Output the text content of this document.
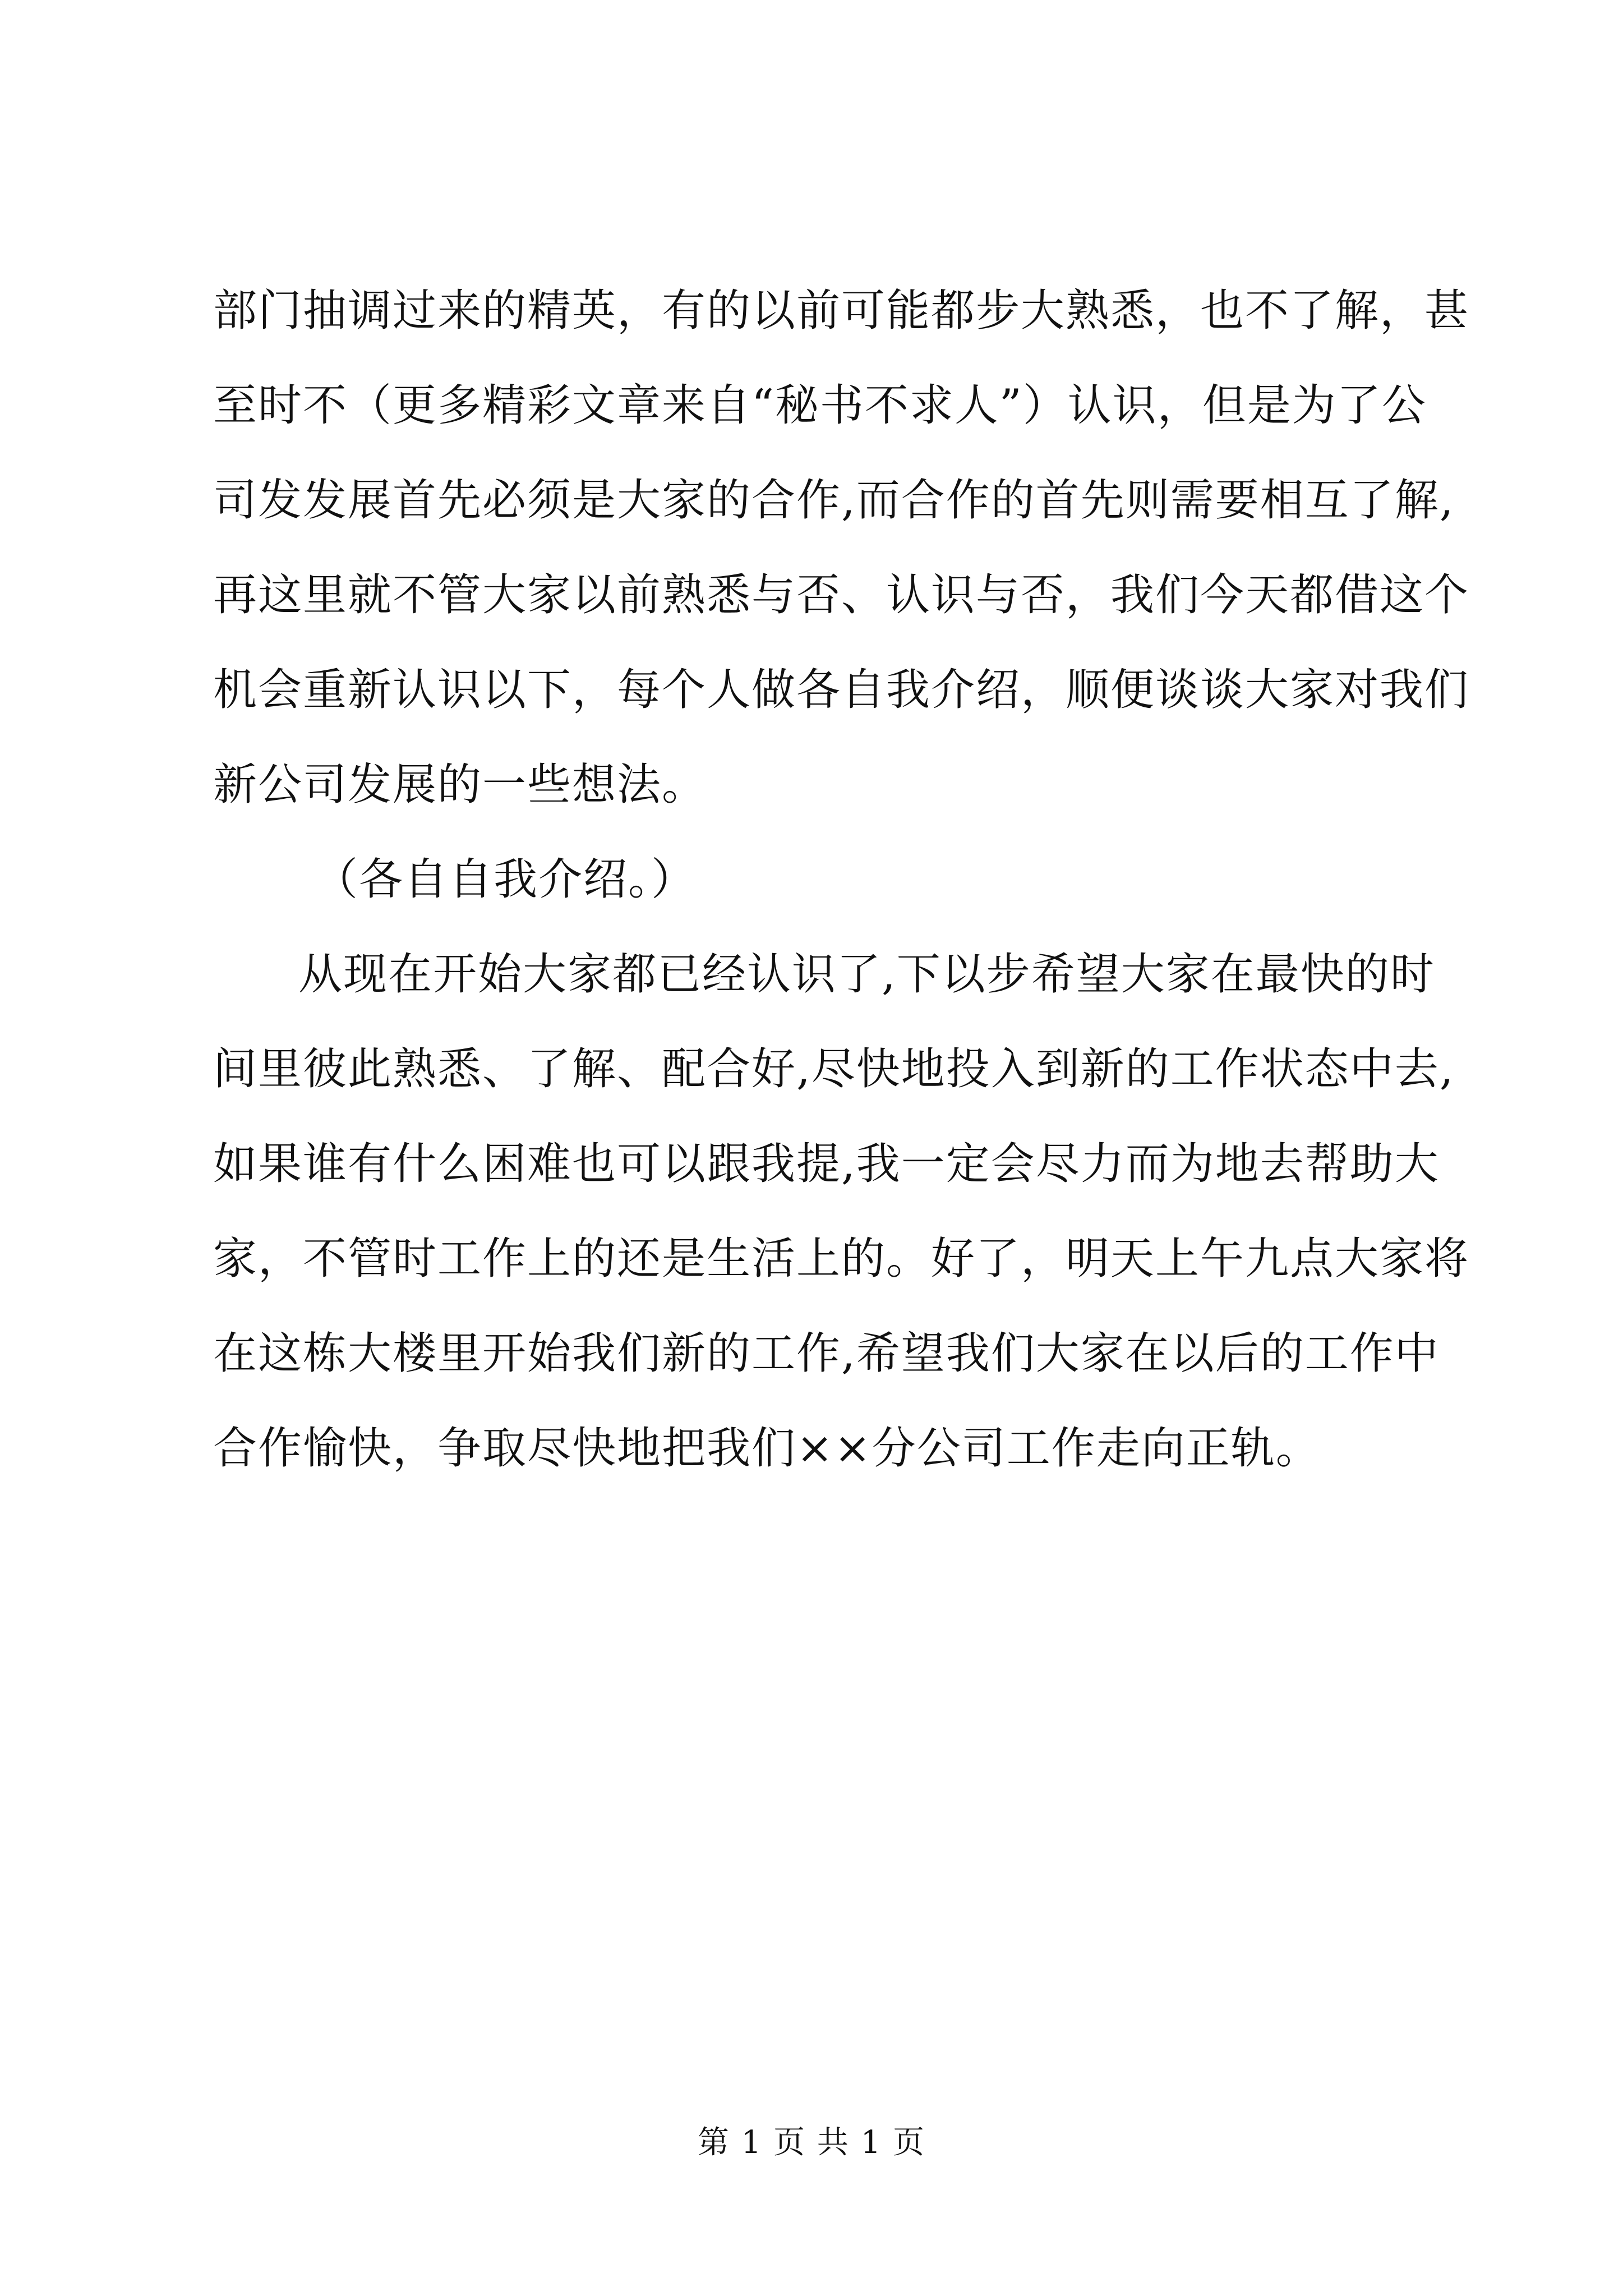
部门抽调过来的精英，有的以前可能都步大熟悉，也不了解，甚
至时不（更多精彩文章来自“秘书不求人”）认识，但是为了公
司发发展首先必须是大家的合作,而合作的首先则需要相互了解,
再这里就不管大家以前熟悉与否、认识与否，我们今天都借这个
机会重新认识以下，每个人做各自我介绍，顺便谈谈大家对我们
新公司发展的一些想法。
（各自自我介绍。）
从现在开始大家都已经认识了,下以步希望大家在最快的时
间里彼此熟悉、了解、配合好,尽快地投入到新的工作状态中去,
如果谁有什么困难也可以跟我提,我一定会尽力而为地去帮助大
家，不管时工作上的还是生活上的。好了，明天上午九点大家将
在这栋大楼里开始我们新的工作,希望我们大家在以后的工作中
合作愉快，争取尽快地把我们××分公司工作走向正轨。
第 1 页 共 1 页
